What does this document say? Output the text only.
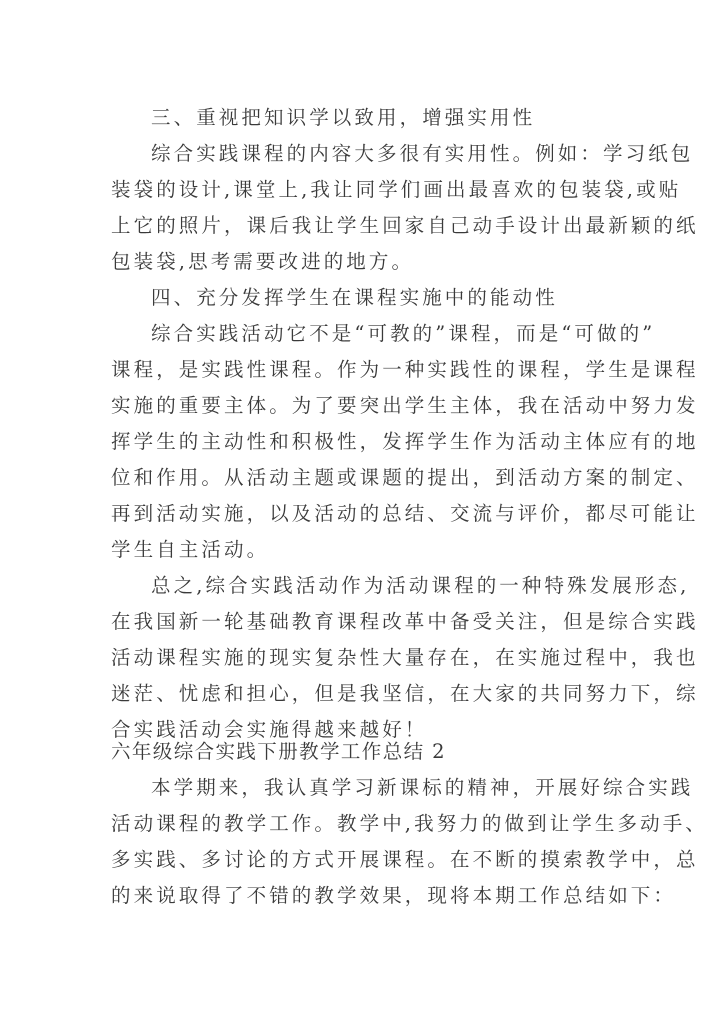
三、重视把知识学以致用，增强实用性
综合实践课程的内容大多很有实用性。例如：学习纸包
装袋的设计,课堂上,我让同学们画出最喜欢的包装袋,或贴
上它的照片，课后我让学生回家自己动手设计出最新颖的纸
包装袋,思考需要改进的地方。
四、充分发挥学生在课程实施中的能动性
综合实践活动它不是“可教的”课程，而是“可做的”
课程，是实践性课程。作为一种实践性的课程，学生是课程
实施的重要主体。为了要突出学生主体，我在活动中努力发
挥学生的主动性和积极性，发挥学生作为活动主体应有的地
位和作用。从活动主题或课题的提出，到活动方案的制定、
再到活动实施，以及活动的总结、交流与评价，都尽可能让
学生自主活动。
总之,综合实践活动作为活动课程的一种特殊发展形态,
在我国新一轮基础教育课程改革中备受关注，但是综合实践
活动课程实施的现实复杂性大量存在，在实施过程中，我也
迷茫、忧虑和担心，但是我坚信，在大家的共同努力下，综
合实践活动会实施得越来越好！
六年级综合实践下册教学工作总结 2
本学期来，我认真学习新课标的精神，开展好综合实践
活动课程的教学工作。教学中,我努力的做到让学生多动手、
多实践、多讨论的方式开展课程。在不断的摸索教学中，总
的来说取得了不错的教学效果，现将本期工作总结如下：
